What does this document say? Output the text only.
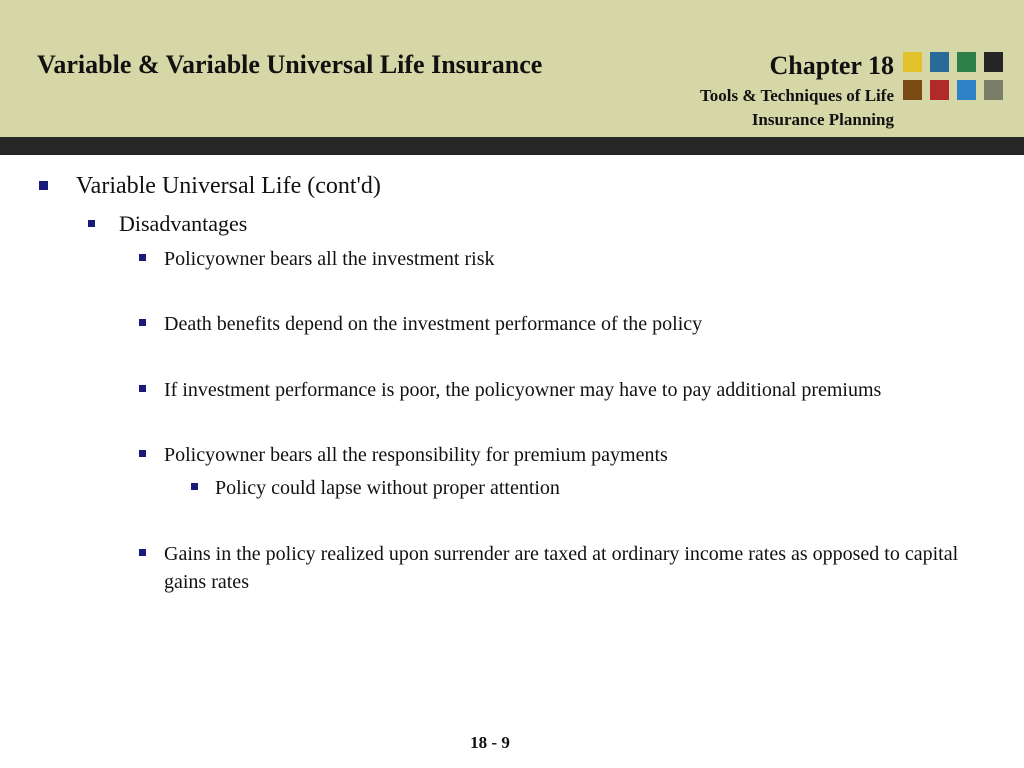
Variable & Variable Universal Life Insurance	Chapter 18
Tools & Techniques of Life
Insurance Planning
Variable Universal Life (cont'd)
Disadvantages
Policyowner bears all the investment risk
Death benefits depend on the investment performance of the policy
If investment performance is poor, the policyowner may have to pay additional premiums
Policyowner bears all the responsibility for premium payments
Policy could lapse without proper attention
Gains in the policy realized upon surrender are taxed at ordinary income rates as opposed to capital gains rates
18 - 9
